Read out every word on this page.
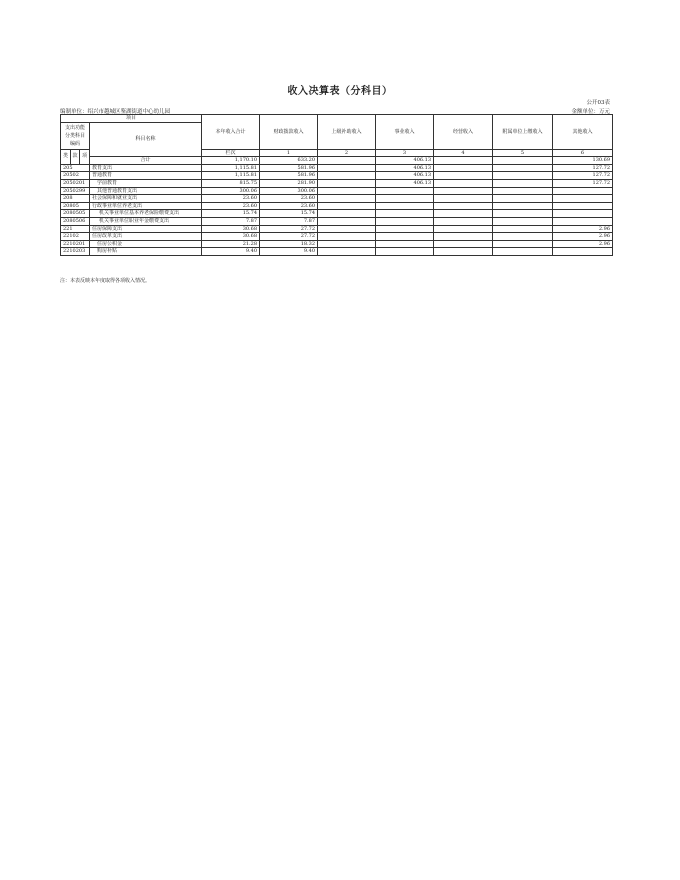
收入决算表（分科目）
公开03表
编制单位：绍兴市越城区鉴湖街道中心幼儿园	金额单位：万元
项目				本年收入合计	财政拨款收入	上级补助收入	事业收入	经营收入	附属单位上缴收入	其他收入	
支出功能分类科目编码			科目名称								
类	款	项									
				栏次	1	2	3	4	5	6	
			合计	1,170.10	633.20		406.13			130.69	
205			教育支出	1,115.81	581.96		406.13			127.72	
20502			普通教育	1,115.81	581.96		406.13			127.72	
2050201			学前教育	815.75	281.90		406.13			127.72	
2050299			其他普通教育支出	300.06	300.06						
208			社会保障和就业支出	23.60	23.60						
20805			行政事业单位养老支出	23.60	23.60						
2080505			机关事业单位基本养老保险缴费支出	15.74	15.74						
2080506			机关事业单位职业年金缴费支出	7.87	7.87						
221			住房保障支出	30.68	27.72					2.96	
22102			住房改革支出	30.68	27.72					2.96	
2210201			住房公积金	21.28	18.32					2.96	
2210203			购房补贴	9.40	9.40						
注：本表反映本年度取得各项收入情况。
